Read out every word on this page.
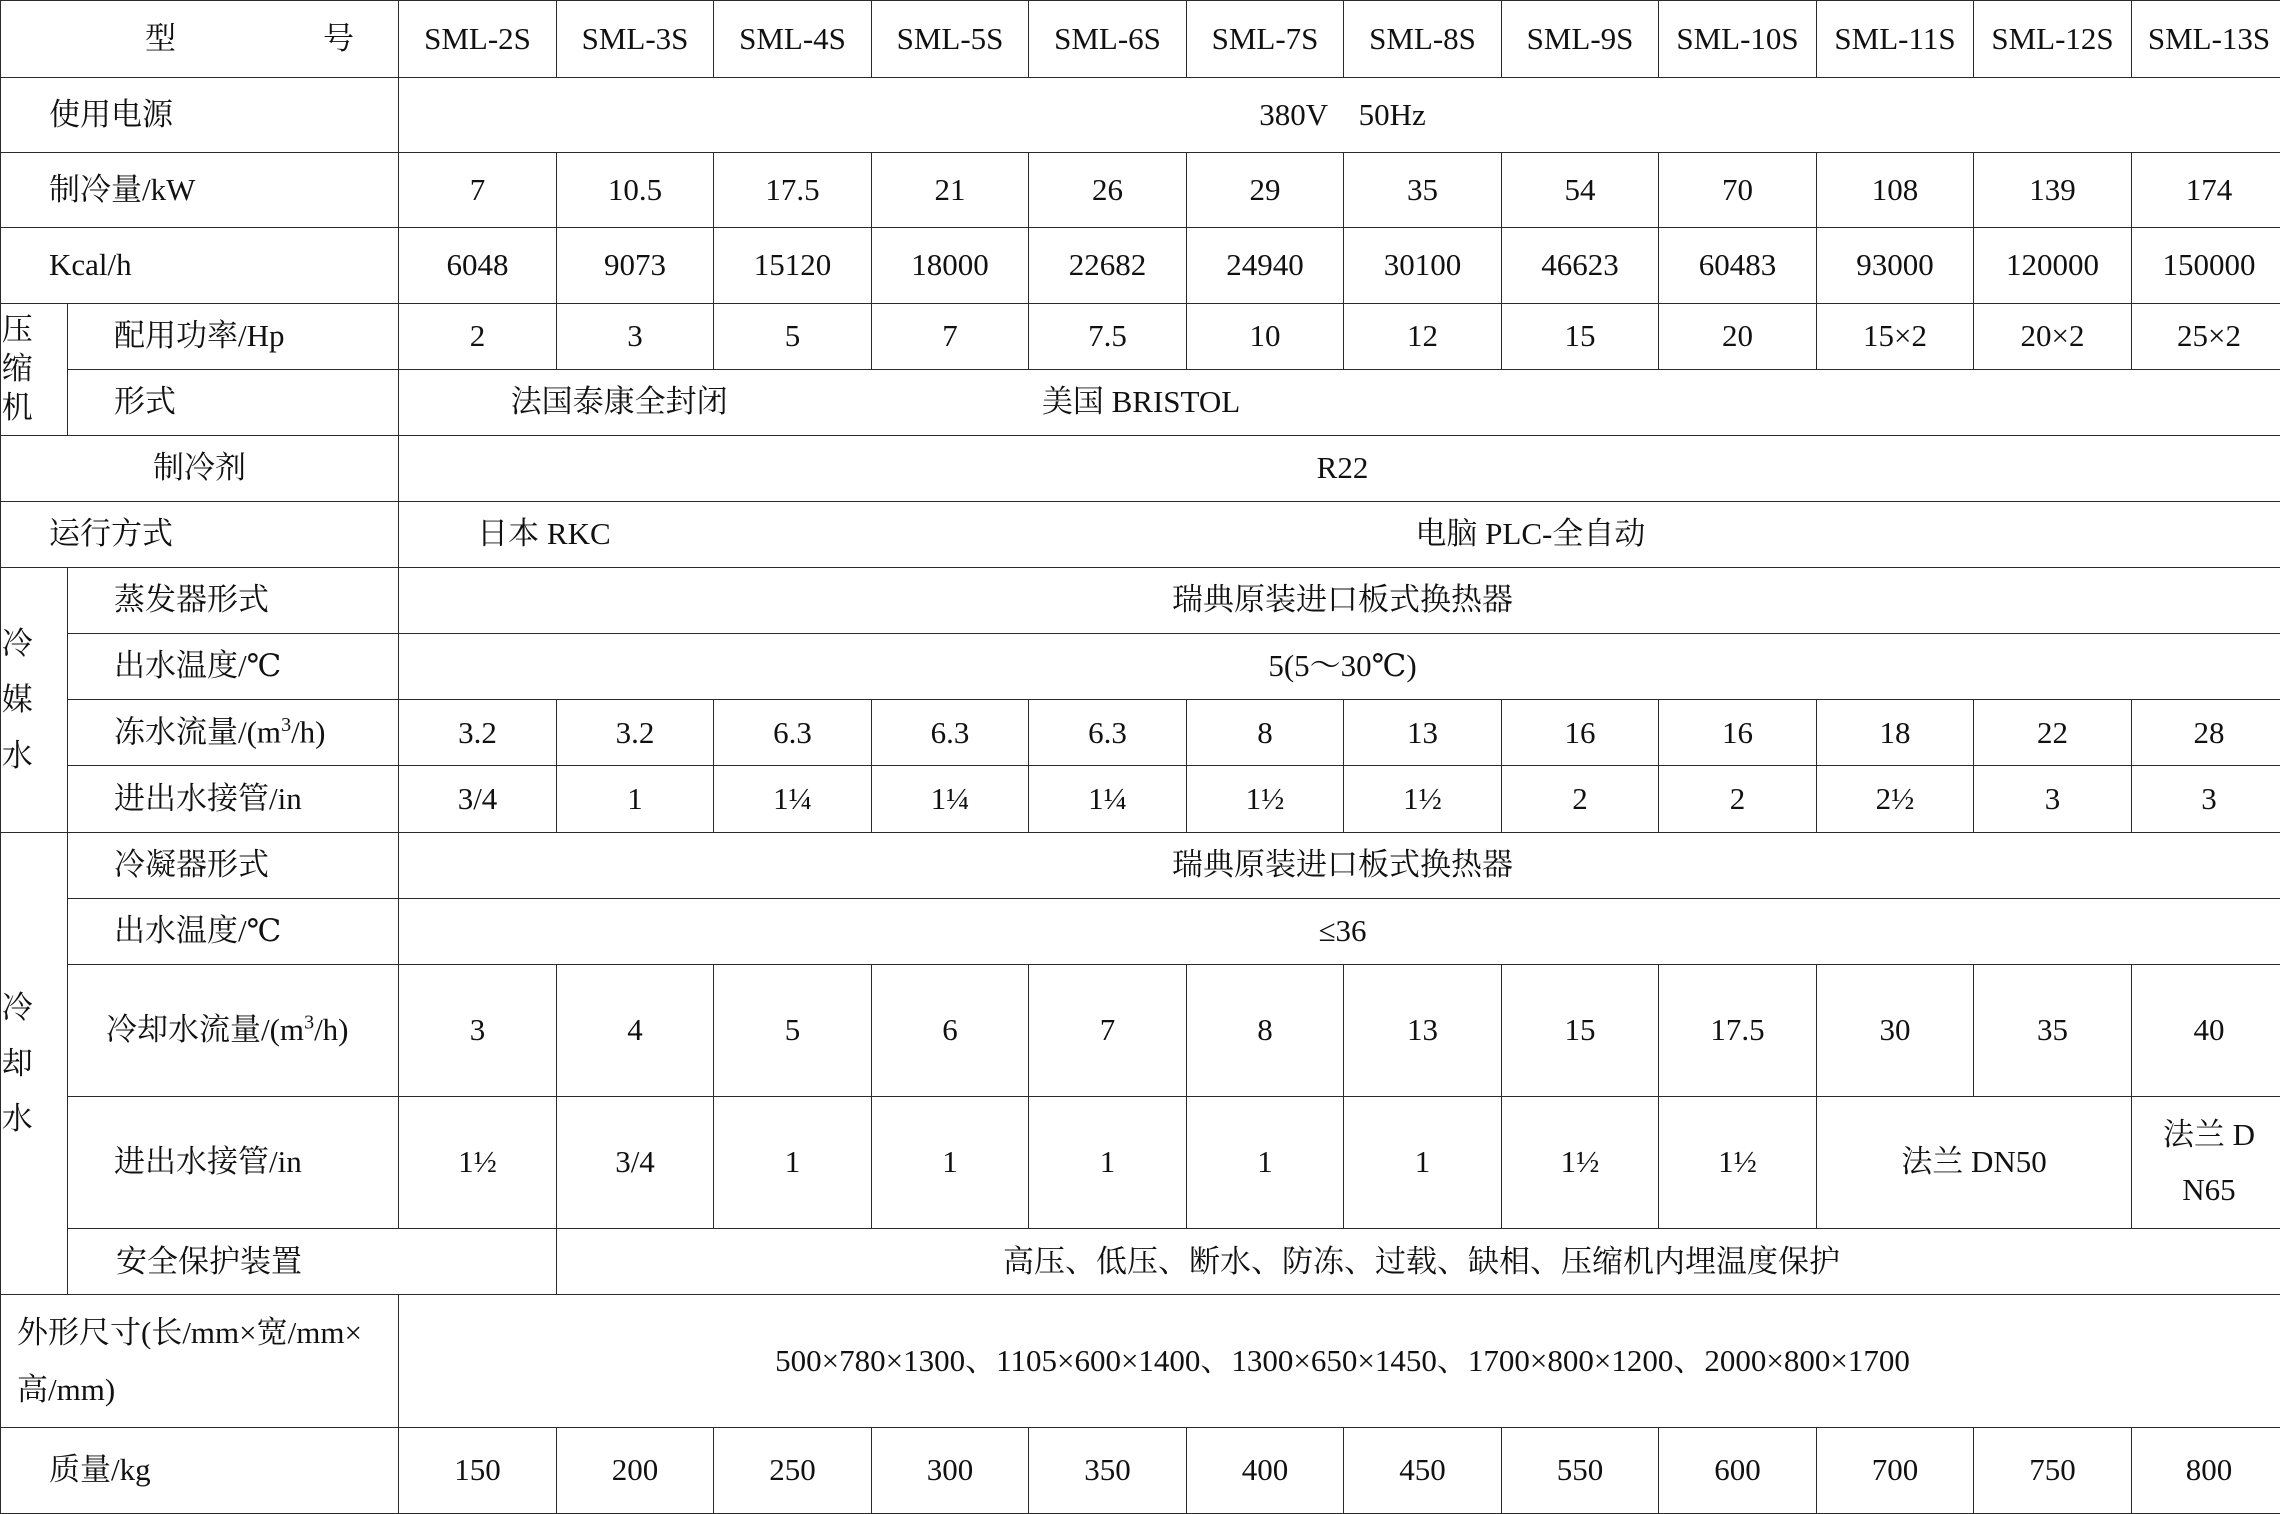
型 号		SML-2S	SML-3S	SML-4S	SML-5S	SML-6S	SML-7S	SML-8S	SML-9S	SML-10S	SML-11S	SML-12S	SML-13S
使用电源		380V　50Hz											
制冷量/kW		7	10.5	17.5	21	26	29	35	54	70	108	139	174
Kcal/h		6048	9073	15120	18000	22682	24940	30100	46623	60483	93000	120000	150000

压缩机	配用功率/Hp	2	3	5	7	7.5	10	12	15	20	15×2	20×2	25×2
	形式	法国泰康全封闭 美国 BRISTOL											

制冷剂		R22											
运行方式		日本 RKC 电脑 PLC-全自动											

冷媒水	蒸发器形式	瑞典原装进口板式换热器											
	出水温度/℃	5(5～30℃)											
	冻水流量$/(m^3/h)$	3.2	3.2	6.3	6.3	6.3	8	13	16	16	18	22	28
	进出水接管/in	3/4	1	1¼	1¼	1¼	1½	1½	2	2	2½	3	3

冷却水	冷凝器形式	瑞典原装进口板式换热器											
	出水温度/℃	≤36											
	冷却水流量$/(m^3/h)$	3	4	5	6	7	8	13	15	17.5	30	35	40
	进出水接管/in	1½	3/4	1	1	1	1	1	1½	1½	法兰 DN50		法兰 DN65
	安全保护装置		高压、低压、断水、防冻、过载、缺相、压缩机内埋温度保护										
外形尺寸(长/mm×宽/mm×高/mm)		500×780×1300、1105×600×1400、1300×650×1450、1700×800×1200、2000×800×1700											
质量/kg		150	200	250	300	350	400	450	550	600	700	750	800
